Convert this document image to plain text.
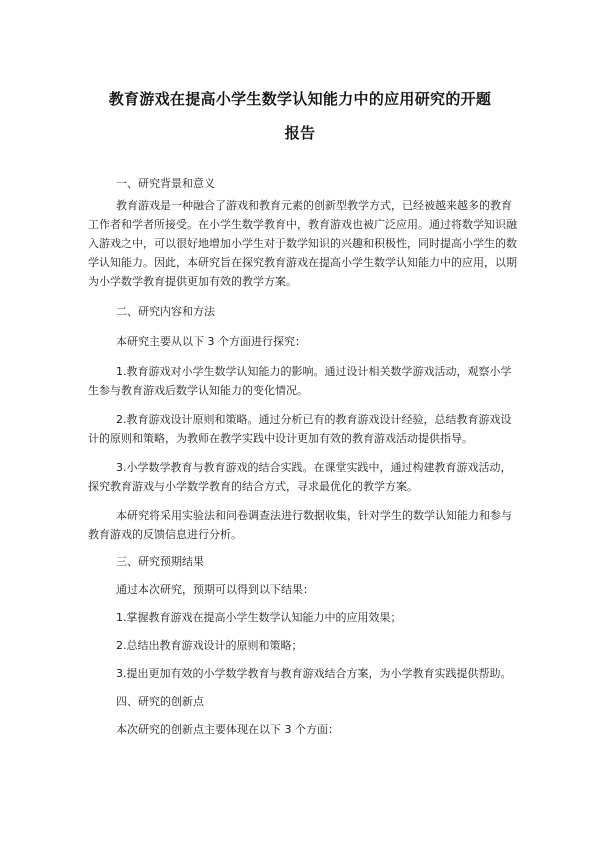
教育游戏在提高小学生数学认知能力中的应用研究的开题
报告

一、研究背景和意义

教育游戏是一种融合了游戏和教育元素的创新型教学方式，已经被越来越多的教育工作者和学者所接受。在小学生数学教育中，教育游戏也被广泛应用。通过将数学知识融入游戏之中，可以很好地增加小学生对于数学知识的兴趣和积极性，同时提高小学生的数学认知能力。因此，本研究旨在探究教育游戏在提高小学生数学认知能力中的应用，以期为小学数学教育提供更加有效的教学方案。

二、研究内容和方法

本研究主要从以下 3 个方面进行探究：

1.教育游戏对小学生数学认知能力的影响。通过设计相关数学游戏活动，观察小学生参与教育游戏后数学认知能力的变化情况。

2.教育游戏设计原则和策略。通过分析已有的教育游戏设计经验，总结教育游戏设计的原则和策略，为教师在教学实践中设计更加有效的教育游戏活动提供指导。

3.小学数学教育与教育游戏的结合实践。在课堂实践中，通过构建教育游戏活动，探究教育游戏与小学数学教育的结合方式，寻求最优化的教学方案。

本研究将采用实验法和问卷调查法进行数据收集，针对学生的数学认知能力和参与教育游戏的反馈信息进行分析。

三、研究预期结果

通过本次研究，预期可以得到以下结果：

1.掌握教育游戏在提高小学生数学认知能力中的应用效果；

2.总结出教育游戏设计的原则和策略；

3.提出更加有效的小学数学教育与教育游戏结合方案，为小学教育实践提供帮助。

四、研究的创新点

本次研究的创新点主要体现在以下 3 个方面：
